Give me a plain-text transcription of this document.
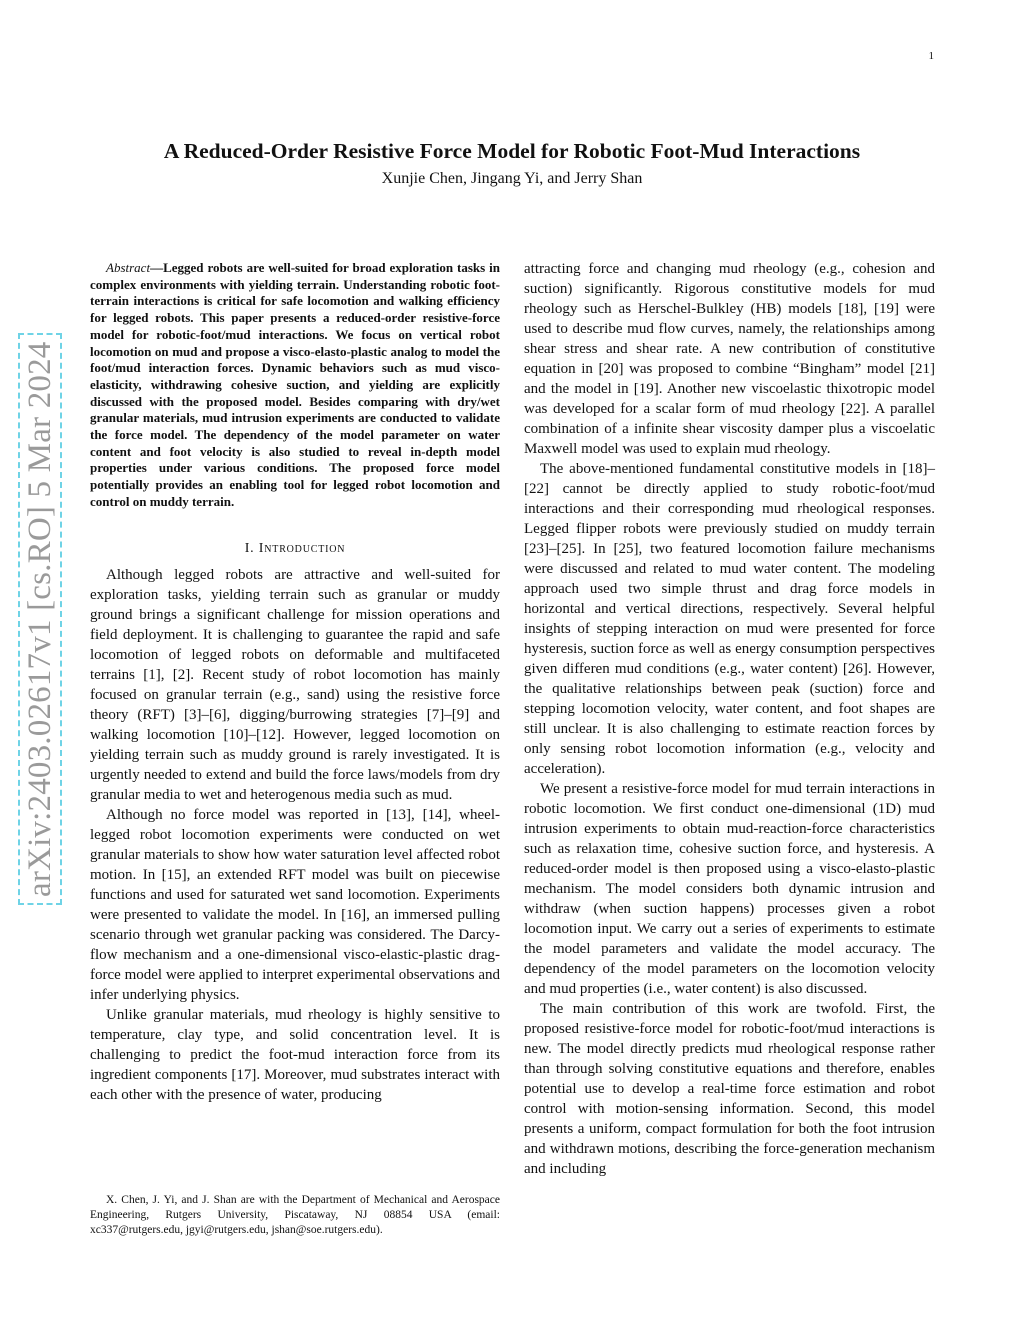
1
arXiv:2403.02617v1 [cs.RO] 5 Mar 2024
A Reduced-Order Resistive Force Model for Robotic Foot-Mud Interactions
Xunjie Chen, Jingang Yi, and Jerry Shan

Abstract—Legged robots are well-suited for broad exploration tasks in complex environments with yielding terrain. Understanding robotic foot-terrain interactions is critical for safe locomotion and walking efficiency for legged robots. This paper presents a reduced-order resistive-force model for robotic-foot/mud interactions. We focus on vertical robot locomotion on mud and propose a visco-elasto-plastic analog to model the foot/mud interaction forces. Dynamic behaviors such as mud visco-elasticity, withdrawing cohesive suction, and yielding are explicitly discussed with the proposed model. Besides comparing with dry/wet granular materials, mud intrusion experiments are conducted to validate the force model. The dependency of the model parameter on water content and foot velocity is also studied to reveal in-depth model properties under various conditions. The proposed force model potentially provides an enabling tool for legged robot locomotion and control on muddy terrain.

I. Introduction

Although legged robots are attractive and well-suited for exploration tasks, yielding terrain such as granular or muddy ground brings a significant challenge for mission operations and field deployment. It is challenging to guarantee the rapid and safe locomotion of legged robots on deformable and multifaceted terrains [1], [2]. Recent study of robot locomotion has mainly focused on granular terrain (e.g., sand) using the resistive force theory (RFT) [3]–[6], digging/burrowing strategies [7]–[9] and walking locomotion [10]–[12]. However, legged locomotion on yielding terrain such as muddy ground is rarely investigated. It is urgently needed to extend and build the force laws/models from dry granular media to wet and heterogenous media such as mud.

Although no force model was reported in [13], [14], wheel-legged robot locomotion experiments were conducted on wet granular materials to show how water saturation level affected robot motion. In [15], an extended RFT model was built on piecewise functions and used for saturated wet sand locomotion. Experiments were presented to validate the model. In [16], an immersed pulling scenario through wet granular packing was considered. The Darcy-flow mechanism and a one-dimensional visco-elastic-plastic drag-force model were applied to interpret experimental observations and infer underlying physics.

Unlike granular materials, mud rheology is highly sensitive to temperature, clay type, and solid concentration level. It is challenging to predict the foot-mud interaction force from its ingredient components [17]. Moreover, mud substrates interact with each other with the presence of water, producing

X. Chen, J. Yi, and J. Shan are with the Department of Mechanical and Aerospace Engineering, Rutgers University, Piscataway, NJ 08854 USA (email: xc337@rutgers.edu, jgyi@rutgers.edu, jshan@soe.rutgers.edu).

attracting force and changing mud rheology (e.g., cohesion and suction) significantly. Rigorous constitutive models for mud rheology such as Herschel-Bulkley (HB) models [18], [19] were used to describe mud flow curves, namely, the relationships among shear stress and shear rate. A new contribution of constitutive equation in [20] was proposed to combine “Bingham” model [21] and the model in [19]. Another new viscoelastic thixotropic model was developed for a scalar form of mud rheology [22]. A parallel combination of a infinite shear viscosity damper plus a viscoelatic Maxwell model was used to explain mud rheology.

The above-mentioned fundamental constitutive models in [18]–[22] cannot be directly applied to study robotic-foot/mud interactions and their corresponding mud rheological responses. Legged flipper robots were previously studied on muddy terrain [23]–[25]. In [25], two featured locomotion failure mechanisms were discussed and related to mud water content. The modeling approach used two simple thrust and drag force models in horizontal and vertical directions, respectively. Several helpful insights of stepping interaction on mud were presented for force hysteresis, suction force as well as energy consumption perspectives given differen mud conditions (e.g., water content) [26]. However, the qualitative relationships between peak (suction) force and stepping locomotion velocity, water content, and foot shapes are still unclear. It is also challenging to estimate reaction forces by only sensing robot locomotion information (e.g., velocity and acceleration).

We present a resistive-force model for mud terrain interactions in robotic locomotion. We first conduct one-dimensional (1D) mud intrusion experiments to obtain mud-reaction-force characteristics such as relaxation time, cohesive suction force, and hysteresis. A reduced-order model is then proposed using a visco-elasto-plastic mechanism. The model considers both dynamic intrusion and withdraw (when suction happens) processes given a robot locomotion input. We carry out a series of experiments to estimate the model parameters and validate the model accuracy. The dependency of the model parameters on the locomotion velocity and mud properties (i.e., water content) is also discussed.

The main contribution of this work are twofold. First, the proposed resistive-force model for robotic-foot/mud interactions is new. The model directly predicts mud rheological response rather than through solving constitutive equations and therefore, enables potential use to develop a real-time force estimation and robot control with motion-sensing information. Second, this model presents a uniform, compact formulation for both the foot intrusion and withdrawn motions, describing the force-generation mechanism and including
